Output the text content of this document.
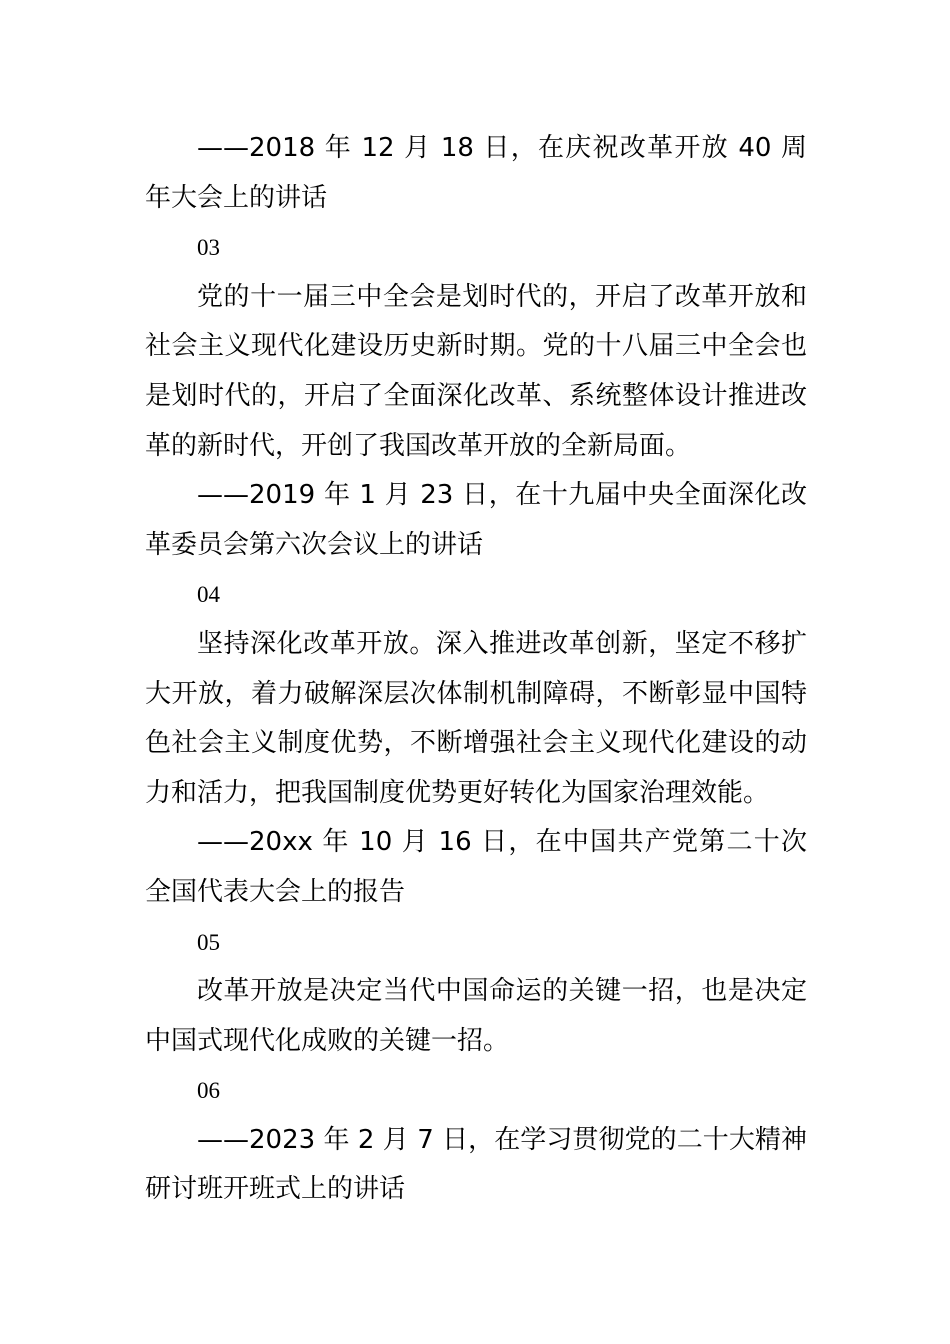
——2018 年 12 月 18 日，在庆祝改革开放 40 周年大会上的讲话

03

党的十一届三中全会是划时代的，开启了改革开放和社会主义现代化建设历史新时期。党的十八届三中全会也是划时代的，开启了全面深化改革、系统整体设计推进改革的新时代，开创了我国改革开放的全新局面。

——2019 年 1 月 23 日，在十九届中央全面深化改革委员会第六次会议上的讲话

04

坚持深化改革开放。深入推进改革创新，坚定不移扩大开放，着力破解深层次体制机制障碍，不断彰显中国特色社会主义制度优势，不断增强社会主义现代化建设的动力和活力，把我国制度优势更好转化为国家治理效能。

——20xx 年 10 月 16 日，在中国共产党第二十次全国代表大会上的报告

05

改革开放是决定当代中国命运的关键一招，也是决定中国式现代化成败的关键一招。

06

——2023 年 2 月 7 日，在学习贯彻党的二十大精神研讨班开班式上的讲话
